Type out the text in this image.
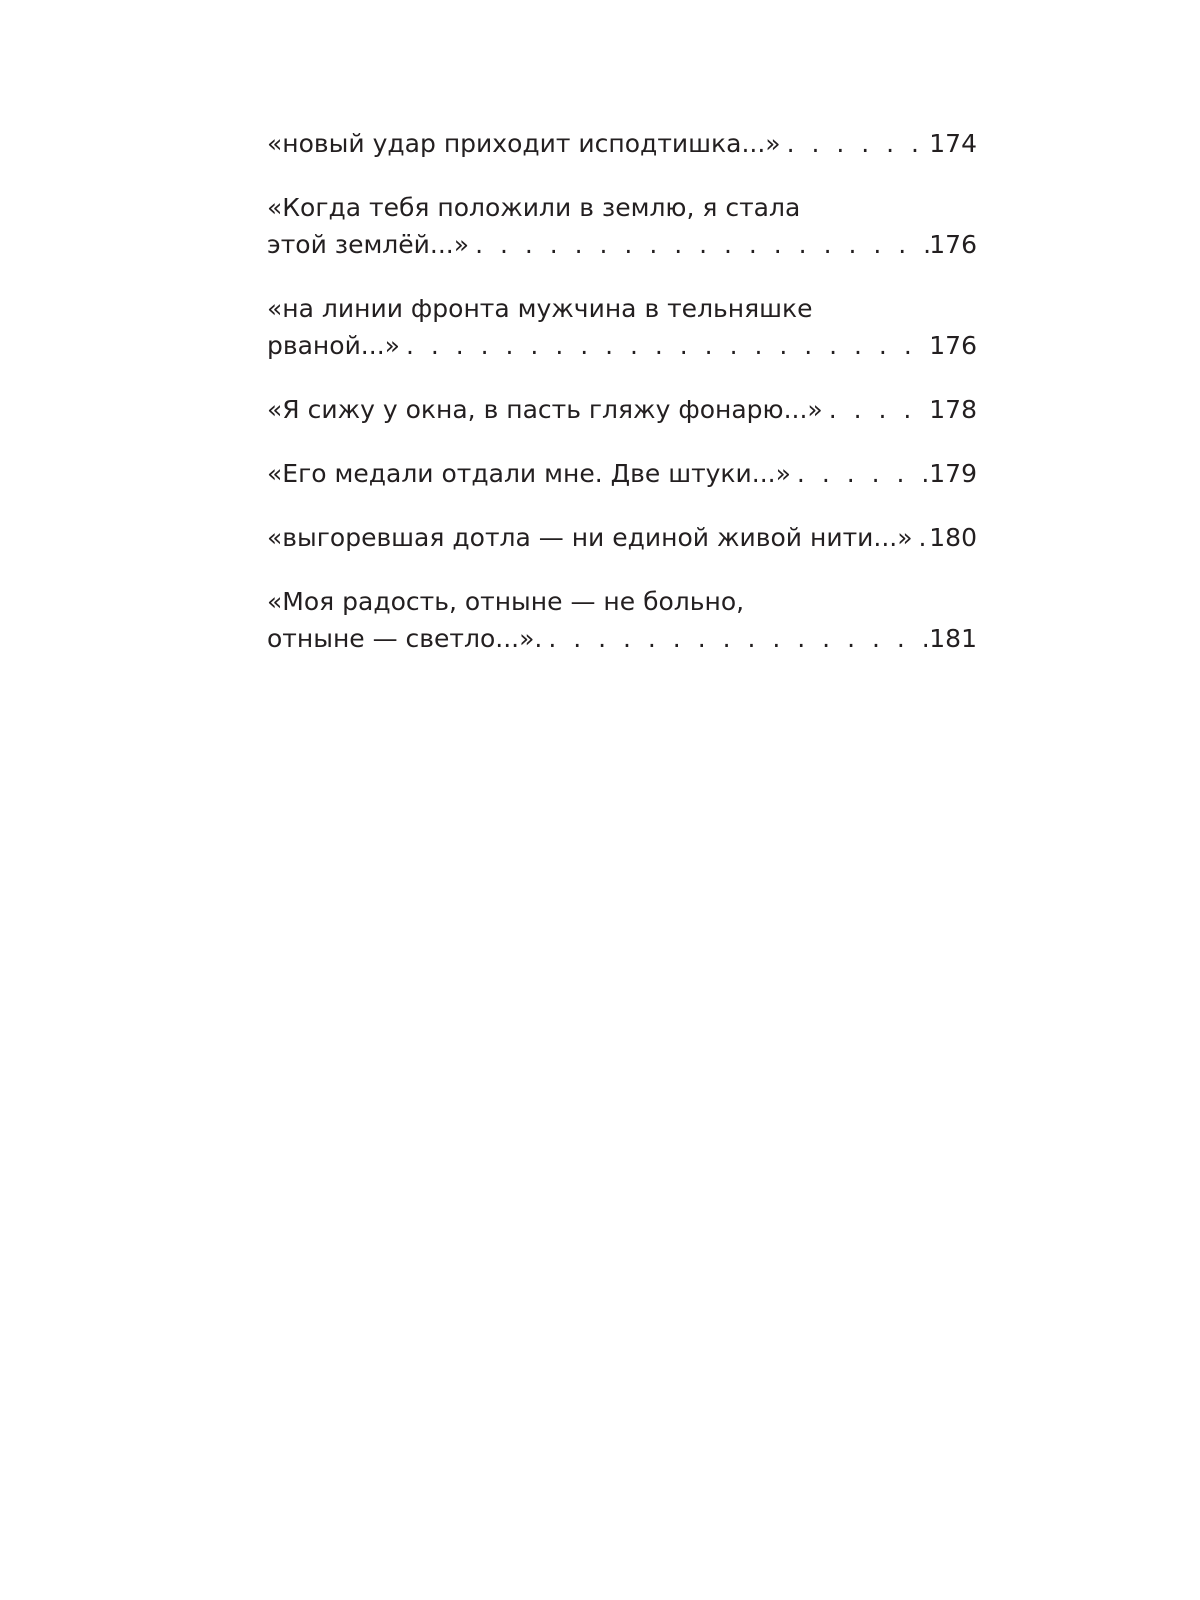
«новый удар приходит исподтишка...» . . .	174
«Когда тебя положили в землю, я стала
этой землёй...» . . .	176
«на линии фронта мужчина в тельняшке
рваной...» . . .	176
«Я сижу у окна, в пасть гляжу фонарю...» . . .	178
«Его медали отдали мне. Две штуки...» . . .	179
«выгоревшая дотла — ни единой живой нити...» . . . 180
«Моя радость, отныне — не больно,
отныне — светло...». . . .	181
